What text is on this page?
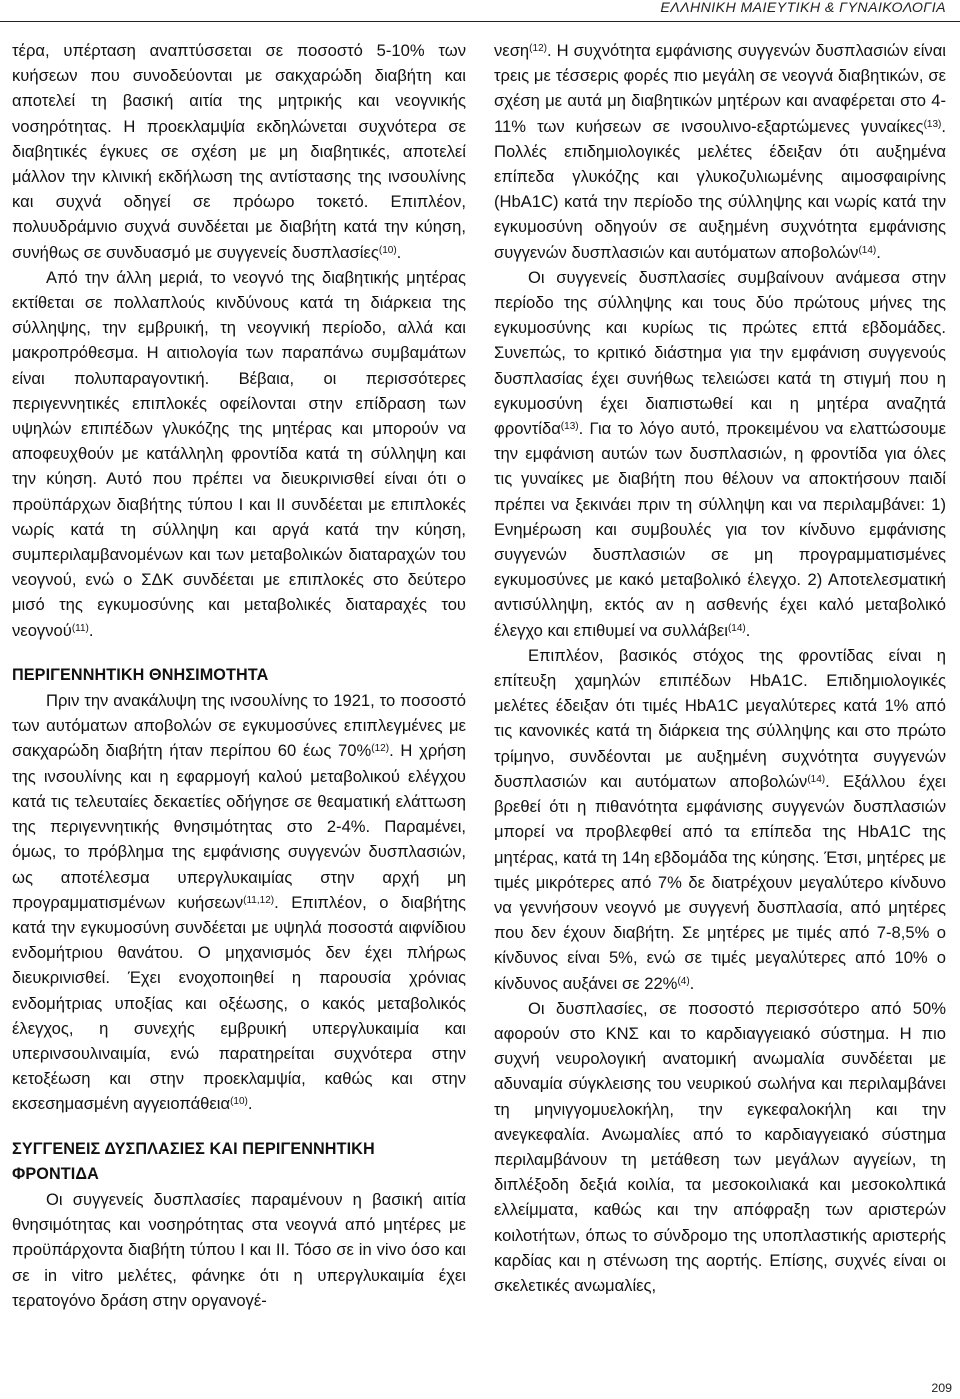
ΕΛΛΗΝΙΚΗ ΜΑΙΕΥΤΙΚΗ & ΓΥΝΑΙΚΟΛΟΓΙΑ

τέρα, υπέρταση αναπτύσσεται σε ποσοστό 5-10% των κυήσεων που συνοδεύονται με σακχαρώδη διαβήτη και αποτελεί τη βασική αιτία της μητρικής και νεογνικής νοσηρότητας. Η προεκλαμψία εκδηλώνεται συχνότερα σε διαβητικές έγκυες σε σχέση με μη διαβητικές, αποτελεί μάλλον την κλινική εκδήλωση της αντίστασης της ινσουλίνης και συχνά οδηγεί σε πρόωρο τοκετό. Επιπλέον, πολυυδράμνιο συχνά συνδέεται με διαβήτη κατά την κύηση, συνήθως σε συνδυασμό με συγγενείς δυσπλασίες$^{(10)}$.

Από την άλλη μεριά, το νεογνό της διαβητικής μητέρας εκτίθεται σε πολλαπλούς κινδύνους κατά τη διάρκεια της σύλληψης, την εμβρυική, τη νεογνική περίοδο, αλλά και μακροπρόθεσμα. Η αιτιολογία των παραπάνω συμβαμάτων είναι πολυπαραγοντική. Βέβαια, οι περισσότερες περιγεννητικές επιπλοκές οφείλονται στην επίδραση των υψηλών επιπέδων γλυκόζης της μητέρας και μπορούν να αποφευχθούν με κατάλληλη φροντίδα κατά τη σύλληψη και την κύηση. Αυτό που πρέπει να διευκρινισθεί είναι ότι ο προϋπάρχων διαβήτης τύπου Ι και ΙΙ συνδέεται με επιπλοκές νωρίς κατά τη σύλληψη και αργά κατά την κύηση, συμπεριλαμβανομένων και των μεταβολικών διαταραχών του νεογνού, ενώ ο ΣΔΚ συνδέεται με επιπλοκές στο δεύτερο μισό της εγκυμοσύνης και μεταβολικές διαταραχές του νεογνού$^{(11)}$.

ΠΕΡΙΓΕΝΝΗΤΙΚΗ ΘΝΗΣΙΜΟΤΗΤΑ

Πριν την ανακάλυψη της ινσουλίνης το 1921, το ποσοστό των αυτόματων αποβολών σε εγκυμοσύνες επιπλεγμένες με σακχαρώδη διαβήτη ήταν περίπου 60 έως 70%$^{(12)}$. Η χρήση της ινσουλίνης και η εφαρμογή καλού μεταβολικού ελέγχου κατά τις τελευταίες δεκαετίες οδήγησε σε θεαματική ελάττωση της περιγεννητικής θνησιμότητας στο 2-4%. Παραμένει, όμως, το πρόβλημα της εμφάνισης συγγενών δυσπλασιών, ως αποτέλεσμα υπεργλυκαιμίας στην αρχή μη προγραμματισμένων κυήσεων$^{(11,12)}$. Επιπλέον, ο διαβήτης κατά την εγκυμοσύνη συνδέεται με υψηλά ποσοστά αιφνίδιου ενδομήτριου θανάτου. Ο μηχανισμός δεν έχει πλήρως διευκρινισθεί. Έχει ενοχοποιηθεί η παρουσία χρόνιας ενδομήτριας υποξίας και οξέωσης, ο κακός μεταβολικός έλεγχος, η συνεχής εμβρυική υπεργλυκαιμία και υπερινσουλιναιμία, ενώ παρατηρείται συχνότερα στην κετοξέωση και στην προεκλαμψία, καθώς και στην εκσεσημασμένη αγγειοπάθεια$^{(10)}$.

ΣΥΓΓΕΝΕΙΣ ΔΥΣΠΛΑΣΙΕΣ ΚΑΙ ΠΕΡΙΓΕΝΝΗΤΙΚΗ ΦΡΟΝΤΙΔΑ

Οι συγγενείς δυσπλασίες παραμένουν η βασική αιτία θνησιμότητας και νοσηρότητας στα νεογνά από μητέρες με προϋπάρχοντα διαβήτη τύπου Ι και ΙΙ. Τόσο σε in vivo όσο και σε in vitro μελέτες, φάνηκε ότι η υπεργλυκαιμία έχει τερατογόνο δράση στην οργανογέ-

νεση$^{(12)}$. Η συχνότητα εμφάνισης συγγενών δυσπλασιών είναι τρεις με τέσσερις φορές πιο μεγάλη σε νεογνά διαβητικών, σε σχέση με αυτά μη διαβητικών μητέρων και αναφέρεται στο 4-11% των κυήσεων σε ινσουλινο-εξαρτώμενες γυναίκες$^{(13)}$. Πολλές επιδημιολογικές μελέτες έδειξαν ότι αυξημένα επίπεδα γλυκόζης και γλυκοζυλιωμένης αιμοσφαιρίνης (HbA1C) κατά την περίοδο της σύλληψης και νωρίς κατά την εγκυμοσύνη οδηγούν σε αυξημένη συχνότητα εμφάνισης συγγενών δυσπλασιών και αυτόματων αποβολών$^{(14)}$.

Οι συγγενείς δυσπλασίες συμβαίνουν ανάμεσα στην περίοδο της σύλληψης και τους δύο πρώτους μήνες της εγκυμοσύνης και κυρίως τις πρώτες επτά εβδομάδες. Συνεπώς, το κριτικό διάστημα για την εμφάνιση συγγενούς δυσπλασίας έχει συνήθως τελειώσει κατά τη στιγμή που η εγκυμοσύνη έχει διαπιστωθεί και η μητέρα αναζητά φροντίδα$^{(13)}$. Για το λόγο αυτό, προκειμένου να ελαττώσουμε την εμφάνιση αυτών των δυσπλασιών, η φροντίδα για όλες τις γυναίκες με διαβήτη που θέλουν να αποκτήσουν παιδί πρέπει να ξεκινάει πριν τη σύλληψη και να περιλαμβάνει: 1) Ενημέρωση και συμβουλές για τον κίνδυνο εμφάνισης συγγενών δυσπλασιών σε μη προγραμματισμένες εγκυμοσύνες με κακό μεταβολικό έλεγχο. 2) Αποτελεσματική αντισύλληψη, εκτός αν η ασθενής έχει καλό μεταβολικό έλεγχο και επιθυμεί να συλλάβει$^{(14)}$.

Επιπλέον, βασικός στόχος της φροντίδας είναι η επίτευξη χαμηλών επιπέδων HbA1C. Επιδημιολογικές μελέτες έδειξαν ότι τιμές HbA1C μεγαλύτερες κατά 1% από τις κανονικές κατά τη διάρκεια της σύλληψης και στο πρώτο τρίμηνο, συνδέονται με αυξημένη συχνότητα συγγενών δυσπλασιών και αυτόματων αποβολών$^{(14)}$. Εξάλλου έχει βρεθεί ότι η πιθανότητα εμφάνισης συγγενών δυσπλασιών μπορεί να προβλεφθεί από τα επίπεδα της HbA1C της μητέρας, κατά τη 14η εβδομάδα της κύησης. Έτσι, μητέρες με τιμές μικρότερες από 7% δε διατρέχουν μεγαλύτερο κίνδυνο να γεννήσουν νεογνό με συγγενή δυσπλασία, από μητέρες που δεν έχουν διαβήτη. Σε μητέρες με τιμές από 7-8,5% ο κίνδυνος είναι 5%, ενώ σε τιμές μεγαλύτερες από 10% ο κίνδυνος αυξάνει σε 22%$^{(4)}$.

Οι δυσπλασίες, σε ποσοστό περισσότερο από 50% αφορούν στο ΚΝΣ και το καρδιαγγειακό σύστημα. Η πιο συχνή νευρολογική ανατομική ανωμαλία συνδέεται με αδυναμία σύγκλεισης του νευρικού σωλήνα και περιλαμβάνει τη μηνιγγομυελοκήλη, την εγκεφαλοκήλη και την ανεγκεφαλία. Ανωμαλίες από το καρδιαγγειακό σύστημα περιλαμβάνουν τη μετάθεση των μεγάλων αγγείων, τη διπλέξοδη δεξιά κοιλία, τα μεσοκοιλιακά και μεσοκολπικά ελλείμματα, καθώς και την απόφραξη των αριστερών κοιλοτήτων, όπως το σύνδρομο της υποπλαστικής αριστερής καρδίας και η στένωση της αορτής. Επίσης, συχνές είναι οι σκελετικές ανωμαλίες,

209
